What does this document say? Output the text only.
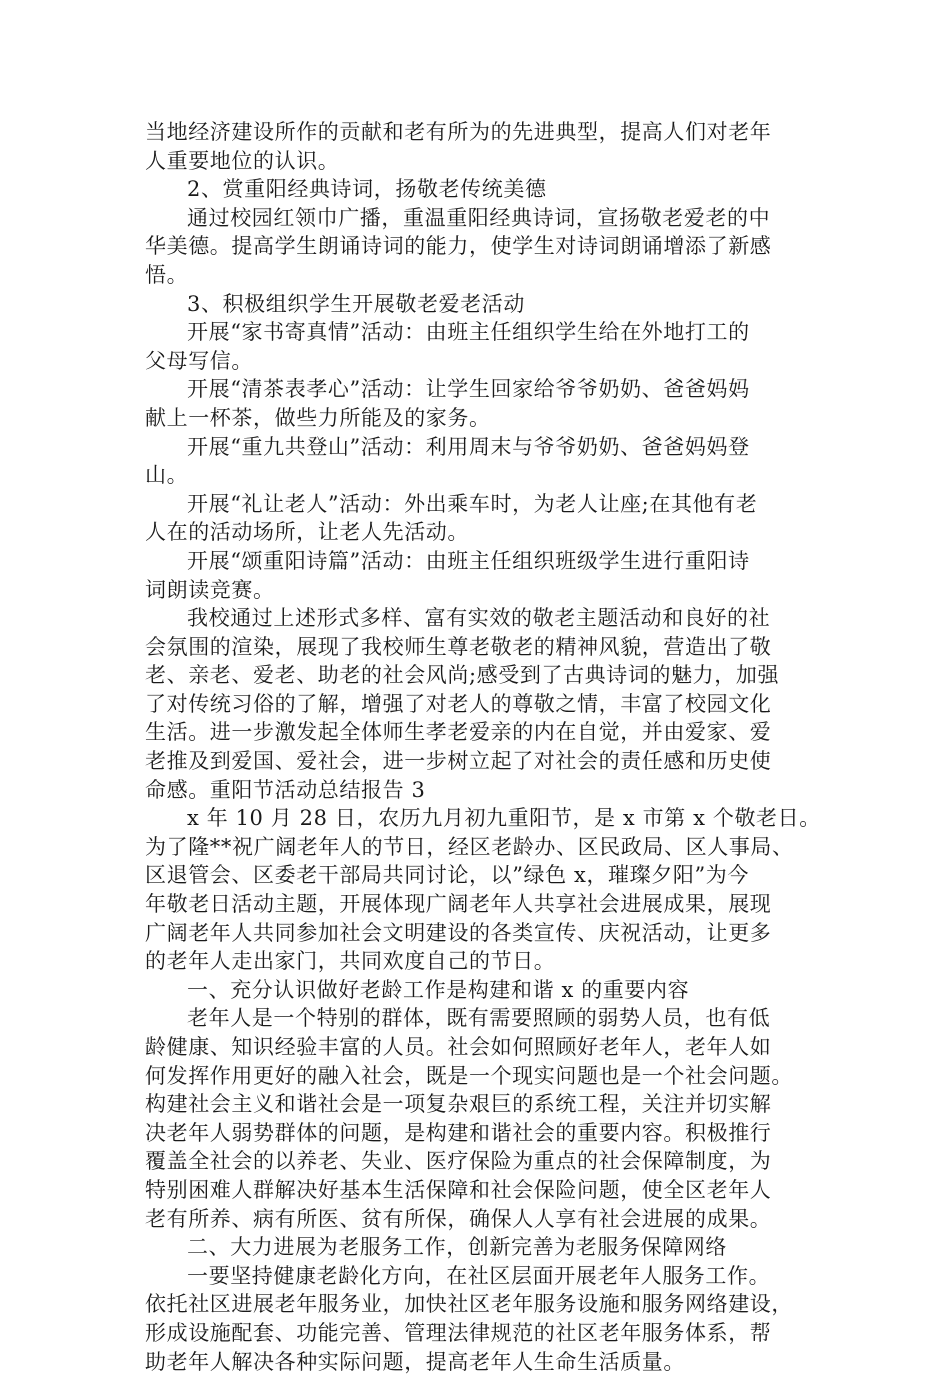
当地经济建设所作的贡献和老有所为的先进典型，提高人们对老年
人重要地位的认识。
2、赏重阳经典诗词，扬敬老传统美德
通过校园红领巾广播，重温重阳经典诗词，宣扬敬老爱老的中
华美德。提高学生朗诵诗词的能力，使学生对诗词朗诵增添了新感
悟。
3、积极组织学生开展敬老爱老活动
开展“家书寄真情”活动：由班主任组织学生给在外地打工的
父母写信。
开展“清茶表孝心”活动：让学生回家给爷爷奶奶、爸爸妈妈
献上一杯茶，做些力所能及的家务。
开展“重九共登山”活动：利用周末与爷爷奶奶、爸爸妈妈登
山。
开展“礼让老人”活动：外出乘车时，为老人让座;在其他有老
人在的活动场所，让老人先活动。
开展“颂重阳诗篇”活动：由班主任组织班级学生进行重阳诗
词朗读竞赛。
我校通过上述形式多样、富有实效的敬老主题活动和良好的社
会氛围的渲染，展现了我校师生尊老敬老的精神风貌，营造出了敬
老、亲老、爱老、助老的社会风尚;感受到了古典诗词的魅力，加强
了对传统习俗的了解，增强了对老人的尊敬之情，丰富了校园文化
生活。进一步激发起全体师生孝老爱亲的内在自觉，并由爱家、爱
老推及到爱国、爱社会，进一步树立起了对社会的责任感和历史使
命感。重阳节活动总结报告 3
x 年 10 月 28 日，农历九月初九重阳节，是 x 市第 x 个敬老日。
为了隆**祝广阔老年人的节日，经区老龄办、区民政局、区人事局、
区退管会、区委老干部局共同讨论，以”绿色 x，璀璨夕阳”为今
年敬老日活动主题，开展体现广阔老年人共享社会进展成果，展现
广阔老年人共同参加社会文明建设的各类宣传、庆祝活动，让更多
的老年人走出家门，共同欢度自己的节日。
一、充分认识做好老龄工作是构建和谐 x 的重要内容
老年人是一个特别的群体，既有需要照顾的弱势人员，也有低
龄健康、知识经验丰富的人员。社会如何照顾好老年人，老年人如
何发挥作用更好的融入社会，既是一个现实问题也是一个社会问题。
构建社会主义和谐社会是一项复杂艰巨的系统工程，关注并切实解
决老年人弱势群体的问题，是构建和谐社会的重要内容。积极推行
覆盖全社会的以养老、失业、医疗保险为重点的社会保障制度，为
特别困难人群解决好基本生活保障和社会保险问题，使全区老年人
老有所养、病有所医、贫有所保，确保人人享有社会进展的成果。
二、大力进展为老服务工作，创新完善为老服务保障网络
一要坚持健康老龄化方向，在社区层面开展老年人服务工作。
依托社区进展老年服务业，加快社区老年服务设施和服务网络建设，
形成设施配套、功能完善、管理法律规范的社区老年服务体系，帮
助老年人解决各种实际问题，提高老年人生命生活质量。
